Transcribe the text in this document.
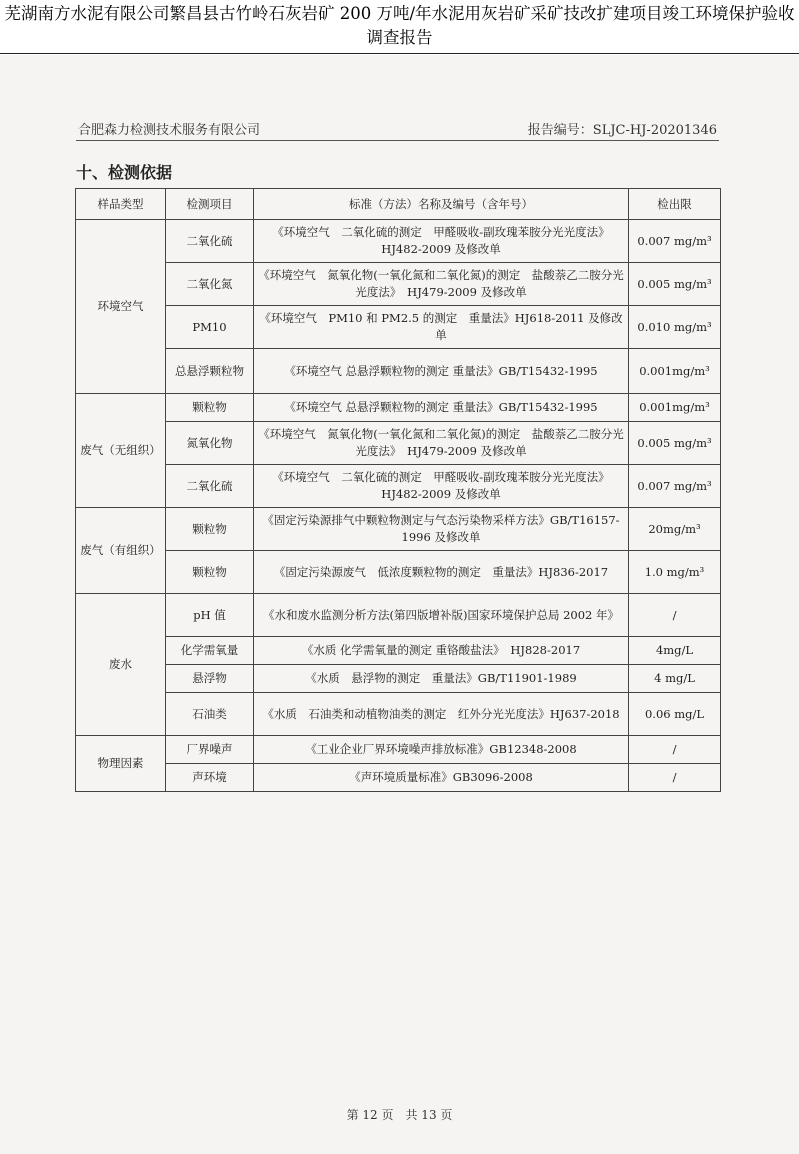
芜湖南方水泥有限公司繁昌县古竹岭石灰岩矿 200 万吨/年水泥用灰岩矿采矿技改扩建项目竣工环境保护验收调查报告
合肥森力检测技术服务有限公司	报告编号：SLJC-HJ-20201346
十、检测依据
样品类型	检测项目	标准（方法）名称及编号（含年号）	检出限
环境空气	二氧化硫	《环境空气　二氧化硫的测定　甲醛吸收-副玫瑰苯胺分光光度法》HJ482-2009 及修改单	0.007 mg/m³
	二氧化氮	《环境空气　氮氧化物(一氧化氮和二氧化氮)的测定　盐酸萘乙二胺分光光度法》　HJ479-2009 及修改单	0.005 mg/m³
	PM10	《环境空气　PM10 和 PM2.5 的测定　重量法》HJ618-2011 及修改单	0.010 mg/m³
	总悬浮颗粒物	《环境空气 总悬浮颗粒物的测定 重量法》GB/T15432-1995	0.001mg/m³
废气（无组织）	颗粒物	《环境空气 总悬浮颗粒物的测定 重量法》GB/T15432-1995	0.001mg/m³
	氮氧化物	《环境空气　氮氧化物(一氧化氮和二氧化氮)的测定　盐酸萘乙二胺分光光度法》　HJ479-2009 及修改单	0.005 mg/m³
	二氧化硫	《环境空气　二氧化硫的测定　甲醛吸收-副玫瑰苯胺分光光度法》HJ482-2009 及修改单	0.007 mg/m³
废气（有组织）	颗粒物	《固定污染源排气中颗粒物测定与气态污染物采样方法》GB/T16157-1996 及修改单	20mg/m³
	颗粒物	《固定污染源废气　低浓度颗粒物的测定　重量法》HJ836-2017	1.0 mg/m³
废水	pH 值	《水和废水监测分析方法(第四版增补版)国家环境保护总局 2002 年》	/
	化学需氧量	《水质 化学需氧量的测定 重铬酸盐法》　HJ828-2017	4mg/L
	悬浮物	《水质　悬浮物的测定　重量法》GB/T11901-1989	4 mg/L
	石油类	《水质　石油类和动植物油类的测定　红外分光光度法》HJ637-2018	0.06 mg/L
物理因素	厂界噪声	《工业企业厂界环境噪声排放标准》GB12348-2008	/
	声环境	《声环境质量标准》GB3096-2008	/
第 12 页　共 13 页
